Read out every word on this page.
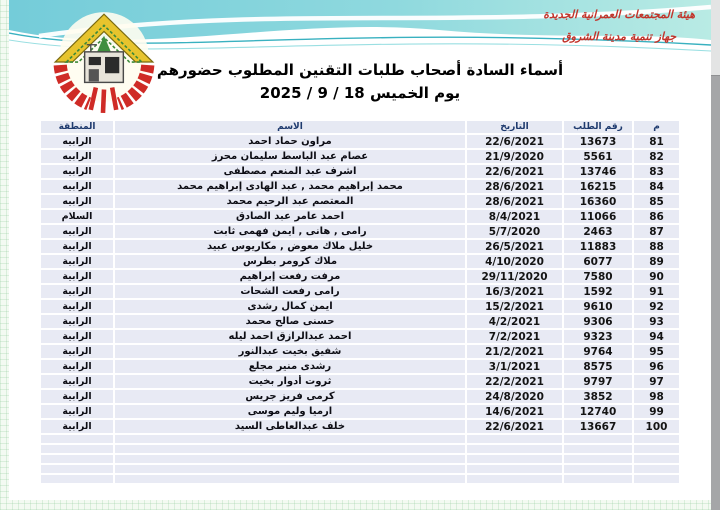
هيئة المجتمعات العمرانية الجديدة
جهاز تنمية مدينة الشروق
أسماء السادة أصحاب طلبات التقنين المطلوب حضورهم
يوم الخميس 18 / 9 / 2025
م	رقم الطلب	التاريخ	الاسم	المنطقة
81	13673	22/6/2021	مراون حماد احمد	الرابيه
82	5561	21/9/2020	عصام عبد الباسط سليمان محرز	الرابيه
83	13746	22/6/2021	اشرف عبد المنعم مصطفى	الرابيه
84	16215	28/6/2021	محمد إبراهيم محمد , عبد الهادى إبراهيم محمد	الرابيه
85	16360	28/6/2021	المعتصم عبد الرحيم محمد	الرابيه
86	11066	8/4/2021	احمد عامر عبد الصادق	السلام
87	2463	5/7/2020	رامى , هانى , ايمن فهمى ثابت	الرابيه
88	11883	26/5/2021	خليل ملاك معوض , مكاريوس عبيد	الرابية
89	6077	4/10/2020	ملاك كرومر بطرس	الرابية
90	7580	29/11/2020	مرفت رفعت إبراهيم	الرابية
91	1592	16/3/2021	رامى رفعت الشحات	الرابية
92	9610	15/2/2021	ايمن كمال رشدى	الرابية
93	9306	4/2/2021	حسنى صالح محمد	الرابية
94	9323	7/2/2021	احمد عبدالرازق احمد ليله	الرابية
95	9764	21/2/2021	شفيق بخيت عبدالنور	الرابية
96	8575	3/1/2021	رشدى منير مجلع	الرابية
97	9797	22/2/2021	ثروت أدوار بخيت	الرابية
98	3852	24/8/2020	كرمى فريز جريس	الرابية
99	12740	14/6/2021	ارميا وليم موسى	الرابية
100	13667	22/6/2021	خلف عبدالعاطى السيد	الرابية
